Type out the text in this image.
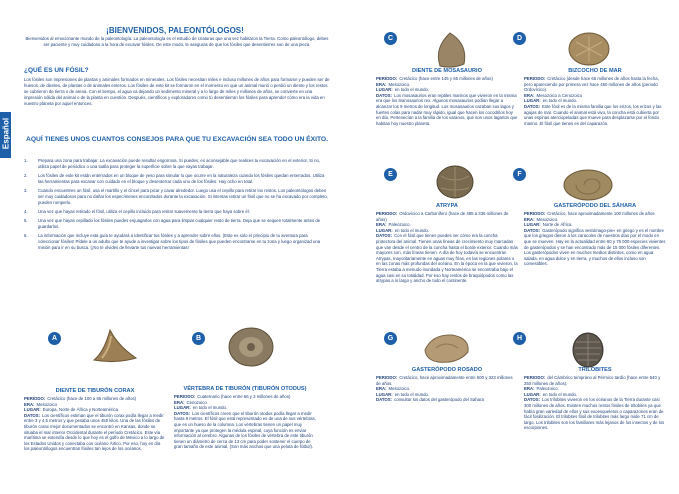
Español
¡BIENVENIDOS, PALEONTÓLOGOS!
Bienvenidos al emocionante mundo de la paleontología. La paleontología es el estudio de criaturas que una vez habitaron la Tierra. Como paleontólogo, debes ser paciente y muy cuidadoso a la hora de excavar fósiles. De este modo, te aseguras de que los fósiles que desentierres son de una pieza.
¿QUÉ ES UN FÓSIL?
Los fósiles son impresiones de plantas y animales formados en minerales. Los fósiles necesitan miles e incluso millones de años para formarse y pueden ser de huesos, de dientes, de plantas o de animales enteros. Los fósiles de este kit se formaron en el momento en que un animal murió o perdió un diente y los restos se cubrieron de tierra o de arena. Con el tiempo, el agua va dejando un sedimento mineral y a lo largo de miles y millones de años, se convierte en una impresión sólida del animal o de la planta en cuestión. Después, científicos y exploradores como tú desentierran los fósiles para aprender cómo era la vida en nuestro planeta por aquel entonces.
AQUÍ TIENES UNOS CUANTOS CONSEJOS PARA QUE TU EXCAVACIÓN SEA TODO UN ÉXITO.
1.	Prepara una zona para trabajar. La excavación puede resultar engorrosa. Si puedes, es aconsejable que realices tu excavación en el exterior. Si no, utiliza papel de periódico o una toalla para proteger la superficie sobre la que vayas trabajar.
2.	Los fósiles de este kit están enterrados en un bloque de yeso para simular lo que ocurre en la naturaleza cuando los fósiles quedan enterrados. Utiliza las herramientas para excavar con cuidado en el bloque y desenterrar cada uno de los fósiles. Hay ocho en total.
3.	Cuando encuentres un fósil, usa el martillo y el cincel para picar y cavar alrededor. Luego usa el cepillo para retirar los restos. Los paleontólogos deben ser muy cuidadosos para no dañar los especímenes encontrados durante la excavación. Si intentas retirar un fósil que no se ha excavado por completo, puedes romperlo.
4.	Una vez que hayas retirado el fósil, utiliza el cepillo incluido para retirar suavemente la tierra que haya sobre él.
5.	Una vez que hayas cepillado los fósiles puedes enjuagarlos con agua para limpiar cualquier resto de tierra. Deja que se sequen totalmente antes de guardarlos.
6.	La información que incluye esta guía te ayudará a identificar tus fósiles y a aprender sobre ellos. (Este es solo el principio de tu aventura para coleccionar fósiles! Pídele a un adulto que te ayude a investigar sobre los tipos de fósiles que pueden encontrarse en tu zona y luego organizad una misión para ir en su busca. (¡No te olvides de llevarte tus nuevas herramientas!
A
DIENTE DE TIBURÓN CORAX
PERIODO: Cretácico (hace de 100 a 65 millones de años)
ERA: Mesozoico
LUGAR: Europa, Norte de África y Norteamérica.
DATOS: Los científicos estiman que el tiburón corax podía llegar a medir entre 3 y 4,5 metros y que pesaba unos 450 kilos. Una de las fósiles de tiburón corax mejor documentados se encontró en Kansas, donde se situaba el mar interior Occidental durante el período Cretácico. Este vía marítima se extendía desde lo que hoy es el golfo de México a lo largo de los Estados Unidos y conectaba con océano Ártico. Por eso, hoy en día los paleontólogos encuentran fósiles tan lejos de los océanos.
B
VÉRTEBRA DE TIBURÓN (TIBURÓN OTODUS)
PERIODO: Cuaternario (hace entre 66 y 3 millones de años)
ERA: Cenozoico
LUGAR: en todo el mundo.
DATOS: Los científicos creen que el tiburón otodus podía llegar a medir hasta 9 metros. El fósil que está representado es de una de sus vértebras, que es un hueso de la columna. Los vértebras tienen un papel muy importante ya que protegen la médula espinal, cuya función es enviar información al cerebro. Algunas de los fósiles de vértebra de este tiburón tienen un diámetro de cerca de 13 cm para poder sostener el cuerpo de gran tamaño de este animal. (Son más anchas que una pelota de fútbol).
C
DIENTE DE MOSASAURIO
PERIODO: Cretácico (hace entre 145 y 65 millones de años)
ERA: Mesozoico.
LUGAR: en todo el mundo.
DATOS: Los mosasaurios eran reptiles marinos que vivieron en la misma era que los tiranosaurios rex. Algunos mosasaurios podían llegar a alcanzar los 9 metros de longitud. Los mosasaurios cazaban sus lagos y fuertes colas para nadar muy rápido, igual que hacen los cocodrilos hoy en día. Pertenecían a la familia de los varanos, que son unos lagartos que habitan hoy nuestro planeta.
D
BIZCOCHO DE MAR
PERIODO: Cretácico (desde hace 65 millones de años hasta la fecha, pero apareciendo por primera vez hace 450 millones de años (periodo Ordovícico).
ERA: Mesozoico a Cenozoico
LUGAR: en todo el mundo.
DATOS: Este fósil es de la misma familia que los erizos, los erizos y las agujas de mar. Cuando el animal está vivo, la concha está cubierta por unas espinas aterciopeladas que mueve para desplazarse por el fondo marino. El fósil que tienes es del caparazón.
E
ATRYPA
PERIODO: Ordovícico a Carbonífero (hace de 485 a 336 millones de años)
ERA: Paleozoico.
LUGAR: en todo el mundo.
DATOS: Con el fósil que tienes puedes ver cómo era la concha protectora del animal. Tienen unas líneas de crecimiento muy marcadas que van desde el centro de la concha hasta el borde exterior. Cuando más mayores son, más líneas tienen. A día de hoy todavía se encuentran Atrypas, mayoritariamente en aguas muy frías, en las regiones polares o en las zonas más profundas del océano. En la época en la que vivieron, la Tierra estaba a menudo inundada y Norteamérica se encontraba bajo el agua casi en su totalidad. Por eso hay restos de braquiópodos como las atrypas a lo largo y ancho de todo el continente.
F
GASTERÓPODO DEL SÁHARA
PERIODO: Cretácico, hace aproximadamente 100 millones de años
ERA: Mesozoico.
LUGAR: Norte de África.
DATOS: Gasterópodo significa vestómago-pie» en griego y es el nombre que los griegos dieron a los caracoles de nuestros días por el modo en que se mueven. Hay en la actualidad entre 60 y 75 000 especies vivientes de gasterópodos y se han encontrado más de 15 000 fósiles diferentes. Los gasterópodos viven en muchos medios distintos, como en agua salada, en agua dulce y en tierra, y muchos de ellos incluso son comestibles.
G
GASTERÓPODO ROSADO
PERIODO: Cretácico, hace aproximadamente entre 500 y 323 millones de años.
ERA: Mesozoico.
LUGAR: en todo el mundo.
DATOS: consultar los datos del gasterópodo del Sahara
H
TRILOBITES
PERIODO: del Cámbrico temprano al Pérmico tardío (hace entre 540 y 250 millones de años).
ERA: Paleozoico.
LUGAR: en todo el mundo.
DATOS: Los trilobites vivieron en los océanos de la Tierra durante casi 300 millones de años. Existen muchos restos fósiles de trilobites ya que había gran variedad de ellos y sus exoesqueletos o caparazones eran de fácil fosilización. El trilobites fósil de trilobites más largo mide 71 cm de largo. Los trilobites son los familiares más lejanos de los insectos y de los escorpiones.
